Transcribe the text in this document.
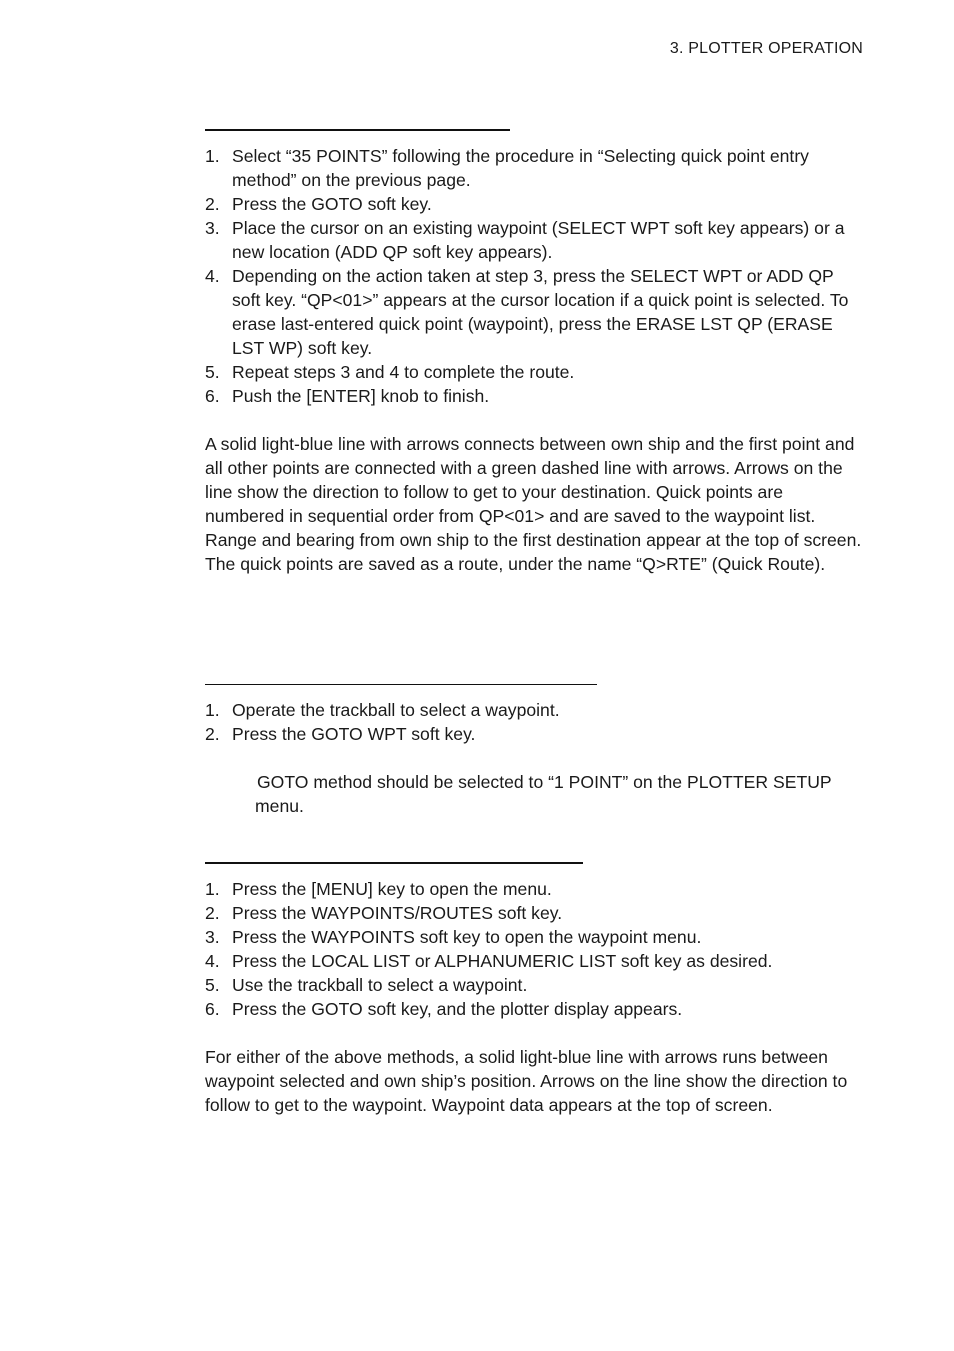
3. PLOTTER OPERATION
1. Select “35 POINTS” following the procedure in “Selecting quick point entry method” on the previous page.
2. Press the GOTO soft key.
3. Place the cursor on an existing waypoint (SELECT WPT soft key appears) or a new location (ADD QP soft key appears).
4. Depending on the action taken at step 3, press the SELECT WPT or ADD QP soft key. “QP<01>” appears at the cursor location if a quick point is selected. To erase last-entered quick point (waypoint), press the ERASE LST QP (ERASE LST WP) soft key.
5. Repeat steps 3 and 4 to complete the route.
6. Push the [ENTER] knob to finish.

A solid light-blue line with arrows connects between own ship and the first point and all other points are connected with a green dashed line with arrows. Arrows on the line show the direction to follow to get to your destination. Quick points are numbered in sequential order from QP<01> and are saved to the waypoint list. Range and bearing from own ship to the first destination appear at the top of screen. The quick points are saved as a route, under the name “Q>RTE” (Quick Route).

1. Operate the trackball to select a waypoint.
2. Press the GOTO WPT soft key.

GOTO method should be selected to “1 POINT” on the PLOTTER SETUP menu.

1. Press the [MENU] key to open the menu.
2. Press the WAYPOINTS/ROUTES soft key.
3. Press the WAYPOINTS soft key to open the waypoint menu.
4. Press the LOCAL LIST or ALPHANUMERIC LIST soft key as desired.
5. Use the trackball to select a waypoint.
6. Press the GOTO soft key, and the plotter display appears.

For either of the above methods, a solid light-blue line with arrows runs between waypoint selected and own ship’s position. Arrows on the line show the direction to follow to get to the waypoint. Waypoint data appears at the top of screen.
